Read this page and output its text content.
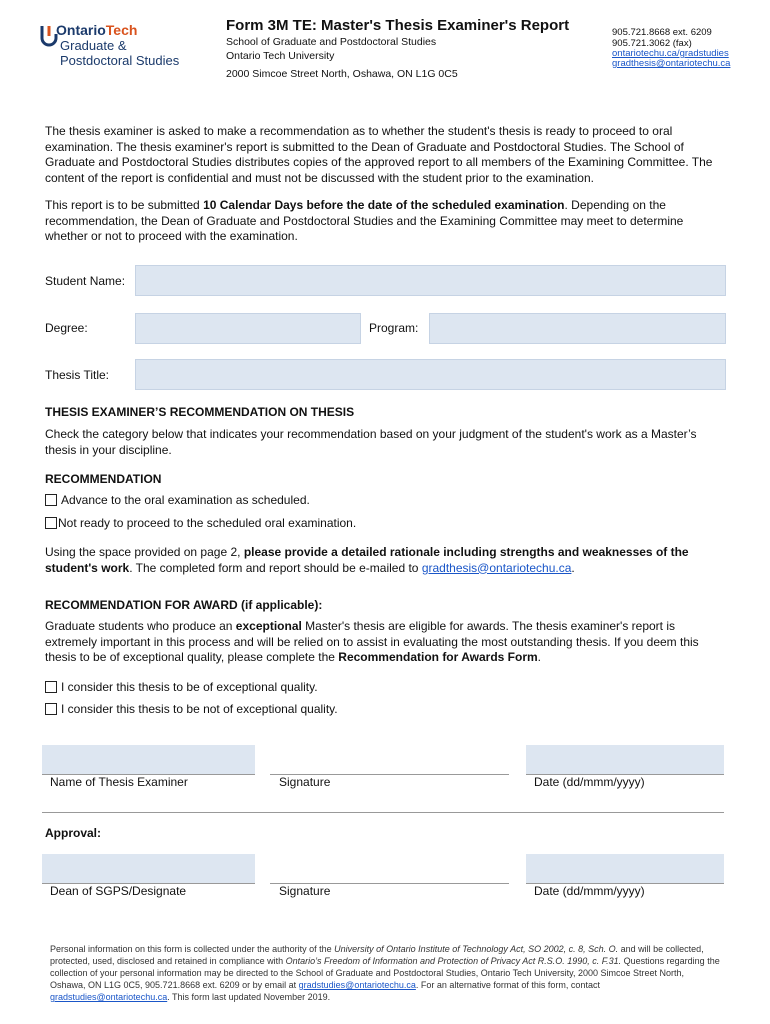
OntarioTech
Graduate &
Postdoctoral Studies
Form 3M TE: Master's Thesis Examiner's Report
School of Graduate and Postdoctoral Studies
Ontario Tech University
2000 Simcoe Street North, Oshawa, ON L1G 0C5
905.721.8668 ext. 6209
905.721.3062 (fax)
ontariotechu.ca/gradstudies
gradthesis@ontariotechu.ca
The thesis examiner is asked to make a recommendation as to whether the student's thesis is ready to proceed to oral examination. The thesis examiner's report is submitted to the Dean of Graduate and Postdoctoral Studies. The School of Graduate and Postdoctoral Studies distributes copies of the approved report to all members of the Examining Committee. The content of the report is confidential and must not be discussed with the student prior to the examination.
This report is to be submitted 10 Calendar Days before the date of the scheduled examination. Depending on the recommendation, the Dean of Graduate and Postdoctoral Studies and the Examining Committee may meet to determine whether or not to proceed with the examination.
Student Name:
Degree:	Program:
Thesis Title:
THESIS EXAMINER’S RECOMMENDATION ON THESIS
Check the category below that indicates your recommendation based on your judgment of the student's work as a Master’s thesis in your discipline.
RECOMMENDATION
Advance to the oral examination as scheduled.
Not ready to proceed to the scheduled oral examination.
Using the space provided on page 2, please provide a detailed rationale including strengths and weaknesses of the student's work. The completed form and report should be e-mailed to gradthesis@ontariotechu.ca.
RECOMMENDATION FOR AWARD (if applicable):
Graduate students who produce an exceptional Master's thesis are eligible for awards. The thesis examiner's report is extremely important in this process and will be relied on to assist in evaluating the most outstanding thesis. If you deem this thesis to be of exceptional quality, please complete the Recommendation for Awards Form.
I consider this thesis to be of exceptional quality.
I consider this thesis to be not of exceptional quality.
Name of Thesis Examiner	Signature	Date (dd/mmm/yyyy)
Approval:
Dean of SGPS/Designate	Signature	Date (dd/mmm/yyyy)
Personal information on this form is collected under the authority of the University of Ontario Institute of Technology Act, SO 2002, c. 8, Sch. O. and will be collected, protected, used, disclosed and retained in compliance with Ontario’s Freedom of Information and Protection of Privacy Act R.S.O. 1990, c. F.31. Questions regarding the collection of your personal information may be directed to the School of Graduate and Postdoctoral Studies, Ontario Tech University, 2000 Simcoe Street North, Oshawa, ON L1G 0C5, 905.721.8668 ext. 6209 or by email at gradstudies@ontariotechu.ca. For an alternative format of this form, contact gradstudies@ontariotechu.ca. This form last updated November 2019.
